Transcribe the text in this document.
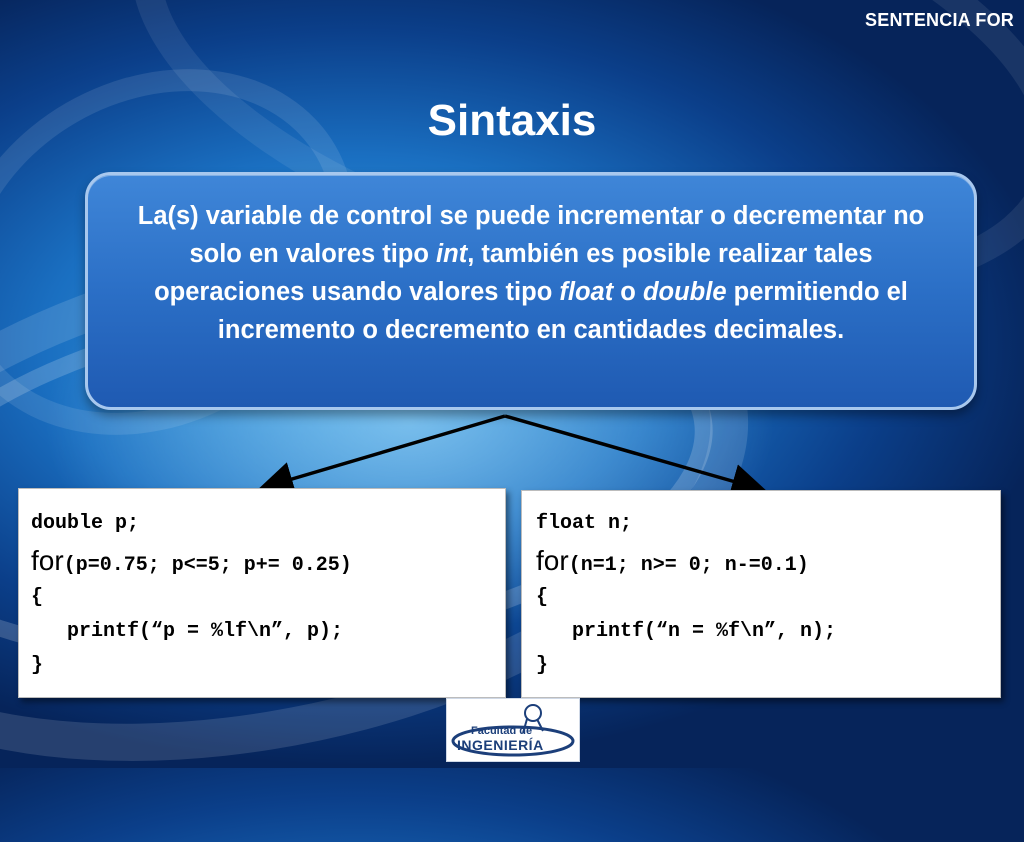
SENTENCIA FOR
Sintaxis
La(s) variable de control se puede incrementar o decrementar no solo en valores tipo int, también es posible realizar tales operaciones usando valores tipo float o double permitiendo el incremento o decremento en cantidades decimales.
double p;
for(p=0.75; p<=5; p+= 0.25)
{
printf(“p = %lf\n”, p);
}
float n;
for(n=1; n>= 0; n-=0.1)
{
printf(“n = %f\n”, n);
}
Facultad de
INGENIERÍA
